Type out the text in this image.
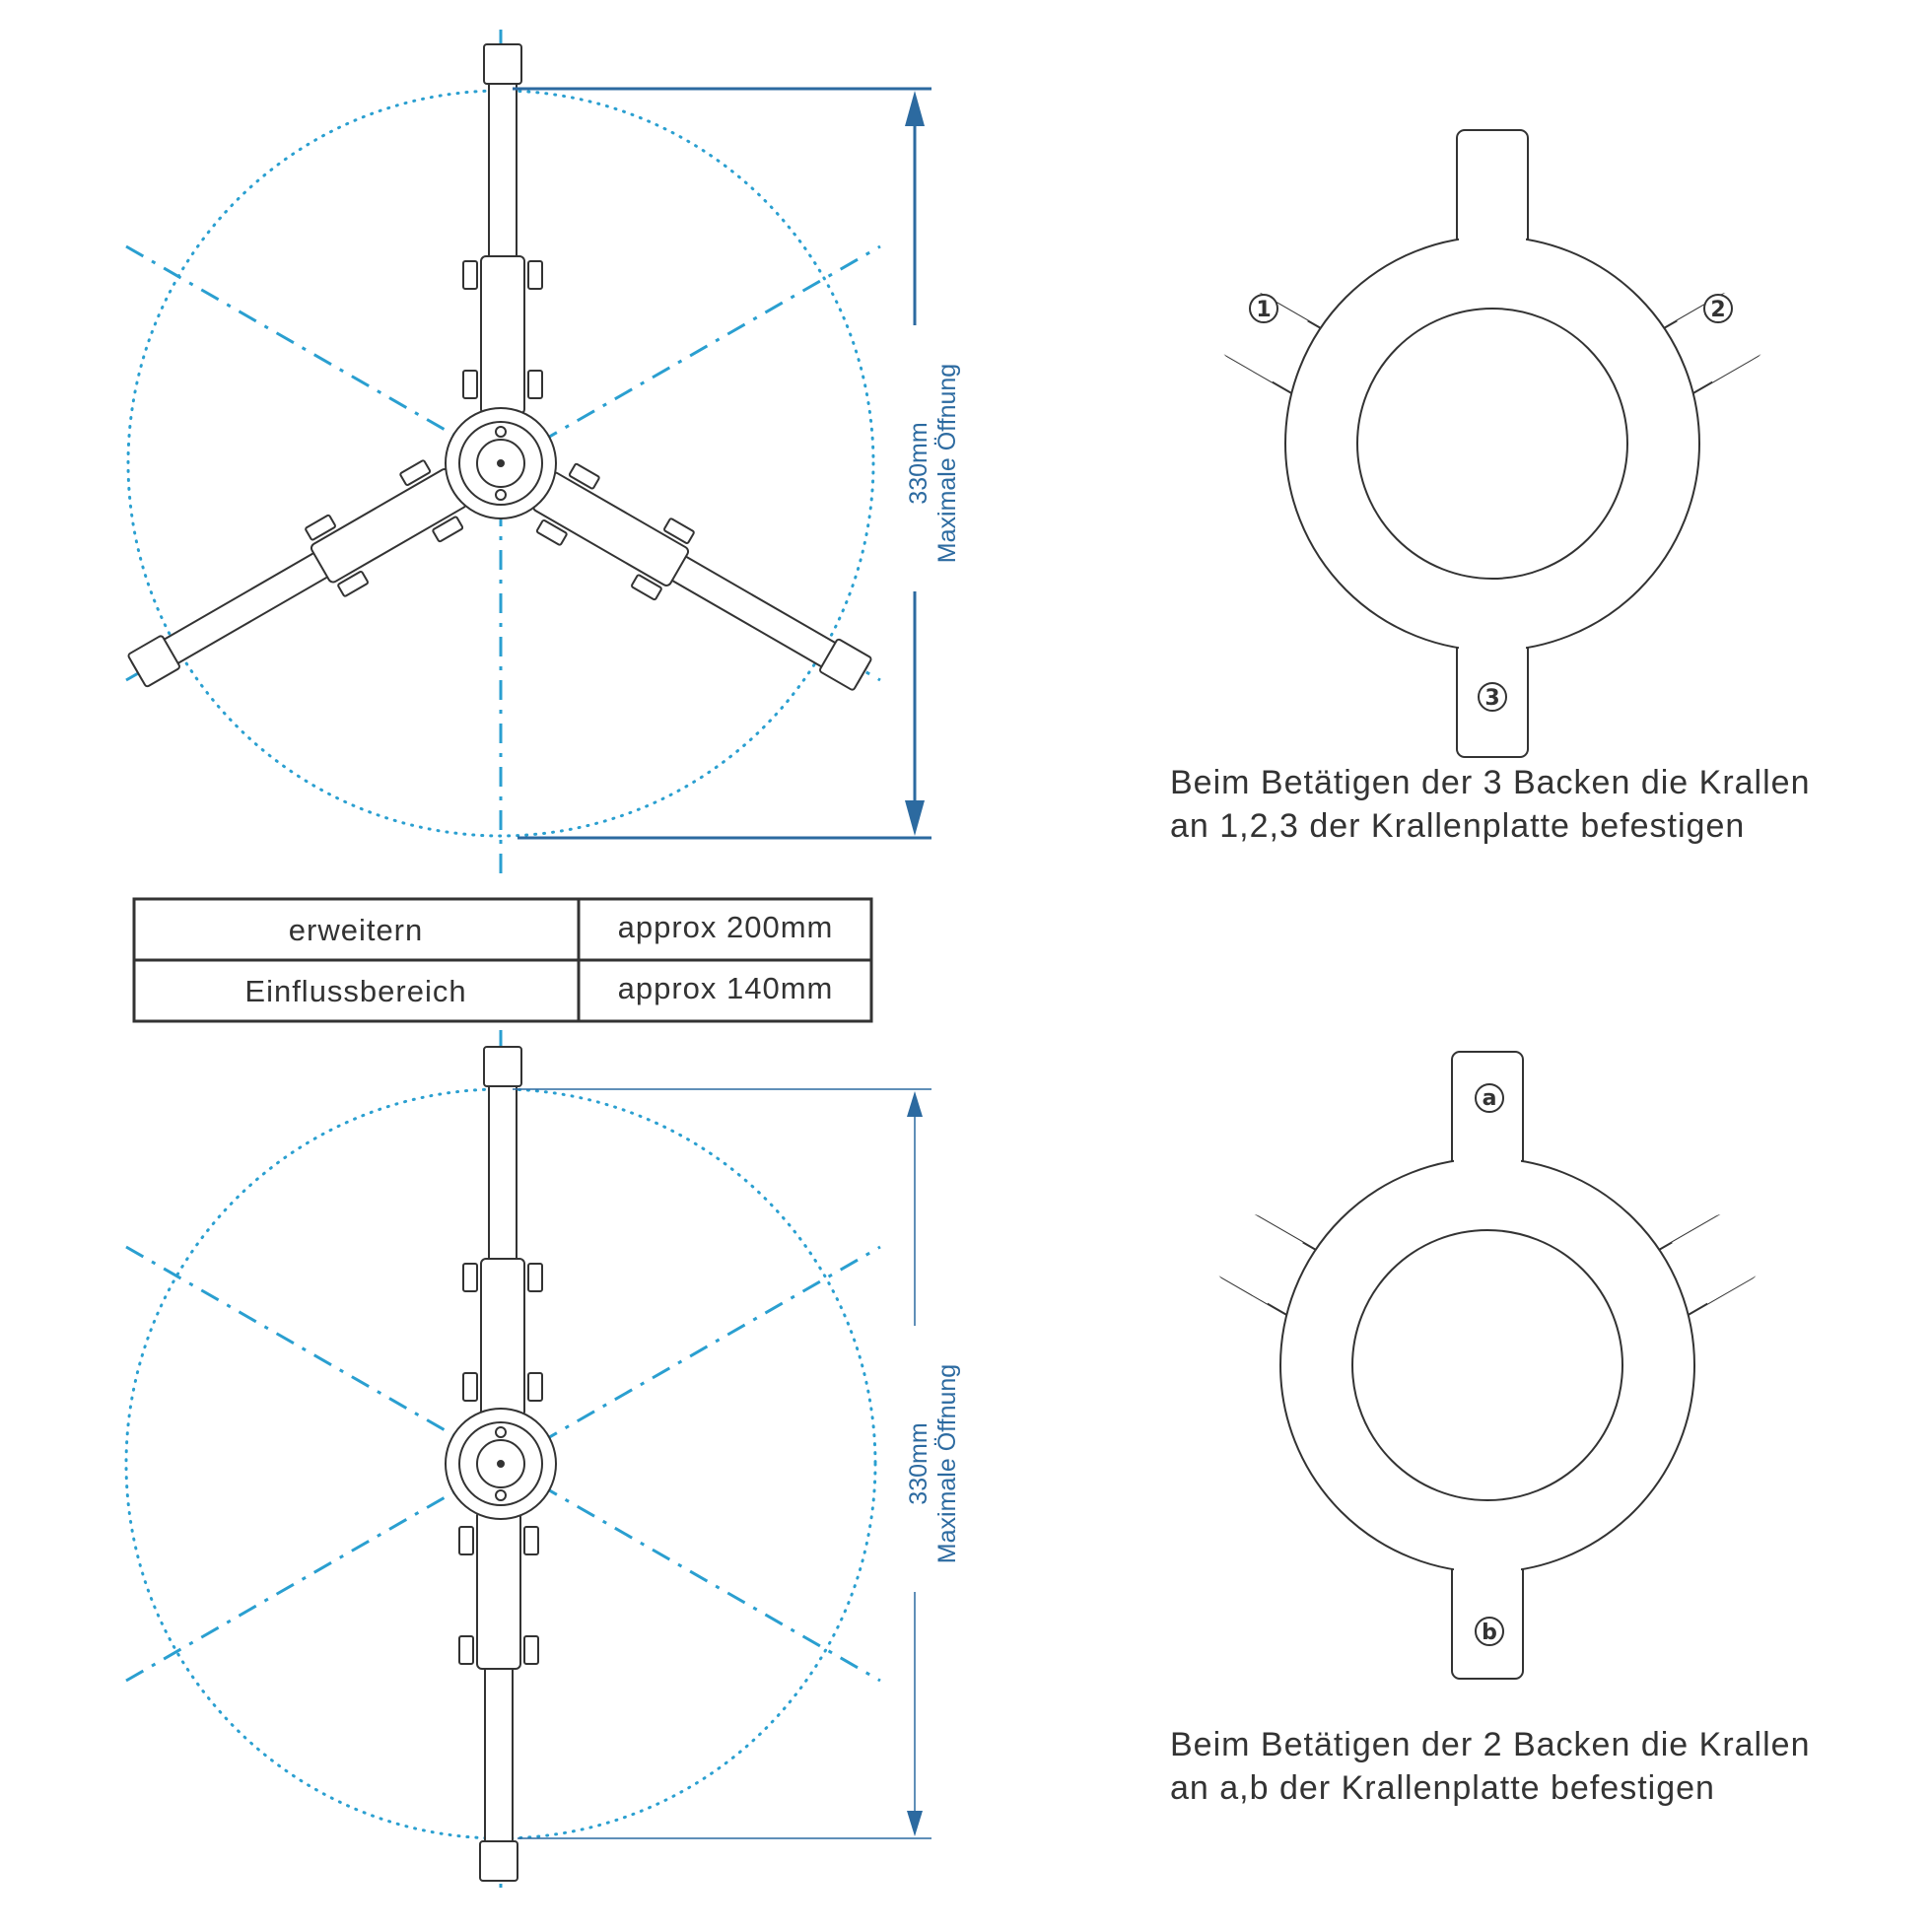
330mm Maximale Öffnung
erweitern	approx 200mm
Einflussbereich	approx 140mm
330mm Maximale Öffnung
1	2
3
Beim Betätigen der 3 Backen die Krallen
an 1,2,3 der Krallenplatte befestigen
a
b
Beim Betätigen der 2 Backen die Krallen
an a,b der Krallenplatte befestigen
